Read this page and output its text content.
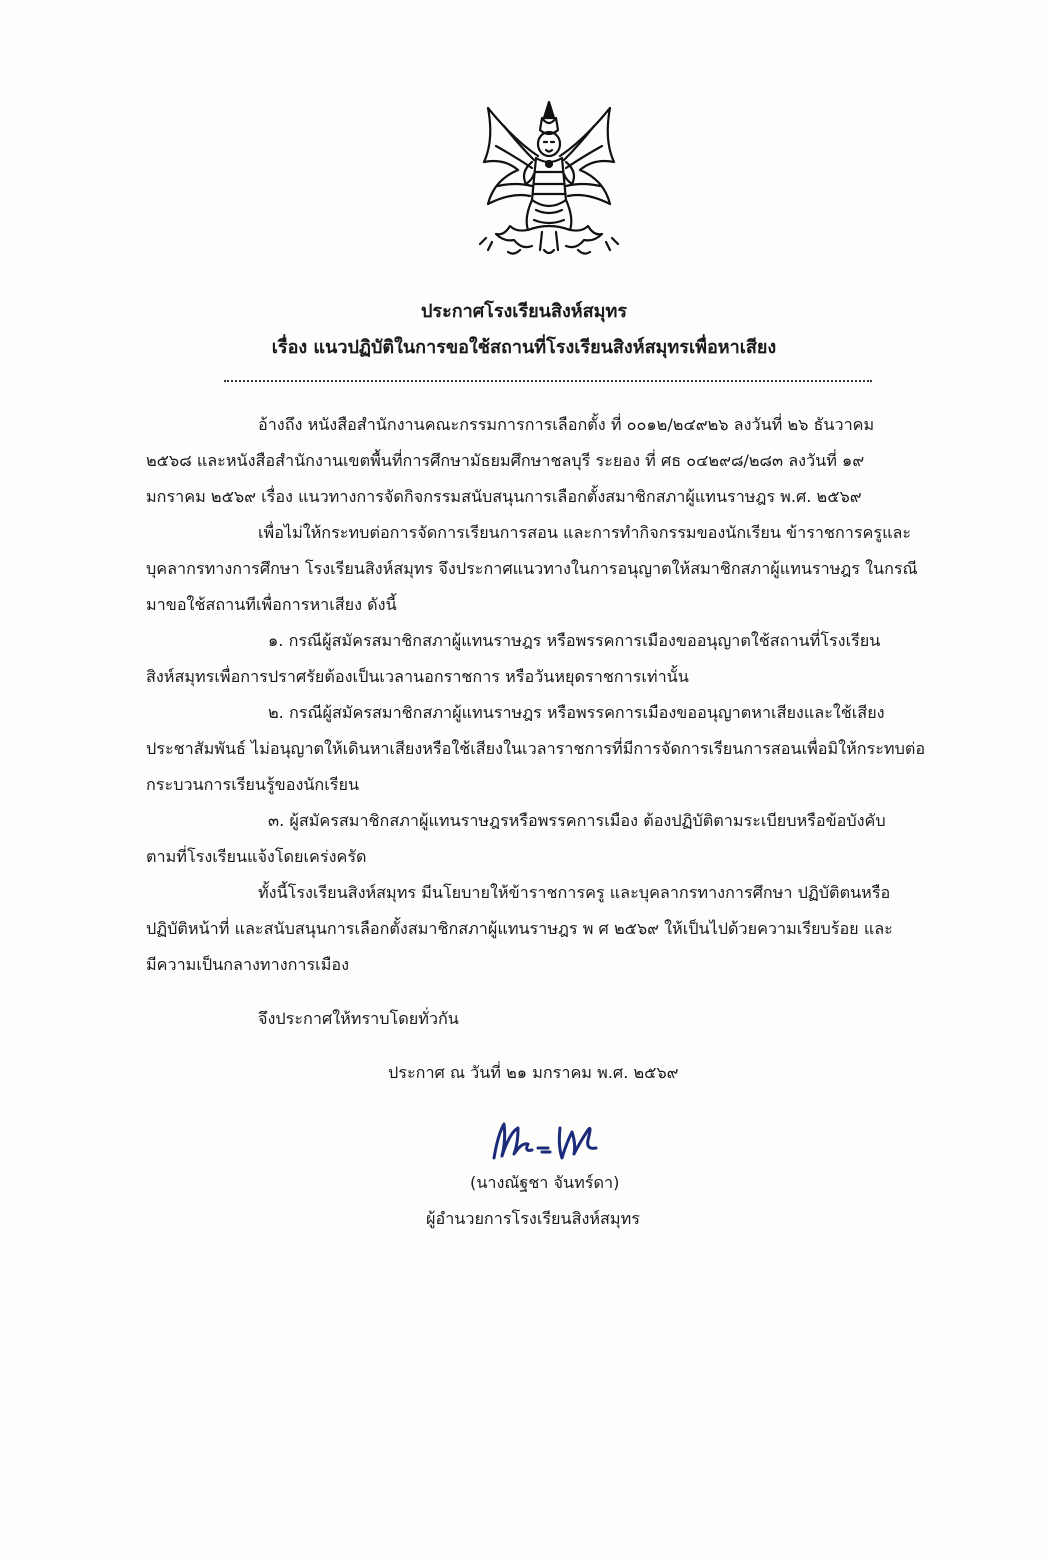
ประกาศโรงเรียนสิงห์สมุทร
เรื่อง แนวปฏิบัติในการขอใช้สถานที่โรงเรียนสิงห์สมุทรเพื่อหาเสียง
อ้างถึง หนังสือสำนักงานคณะกรรมการการเลือกตั้ง ที่ ๐๐๑๒/๒๔๙๒๖ ลงวันที่ ๒๖ ธันวาคม
๒๕๖๘ และหนังสือสำนักงานเขตพื้นที่การศึกษามัธยมศึกษาชลบุรี ระยอง ที่ ศธ ๐๔๒๙๘/๒๘๓ ลงวันที่ ๑๙
มกราคม ๒๕๖๙ เรื่อง แนวทางการจัดกิจกรรมสนับสนุนการเลือกตั้งสมาชิกสภาผู้แทนราษฎร พ.ศ. ๒๕๖๙
เพื่อไม่ให้กระทบต่อการจัดการเรียนการสอน และการทำกิจกรรมของนักเรียน ข้าราชการครูและ
บุคลากรทางการศึกษา โรงเรียนสิงห์สมุทร จึงประกาศแนวทางในการอนุญาตให้สมาชิกสภาผู้แทนราษฎร ในกรณี
มาขอใช้สถานทีเพื่อการหาเสียง ดังนี้
๑. กรณีผู้สมัครสมาชิกสภาผู้แทนราษฎร หรือพรรคการเมืองขออนุญาตใช้สถานที่โรงเรียน
สิงห์สมุทรเพื่อการปราศรัยต้องเป็นเวลานอกราชการ หรือวันหยุดราชการเท่านั้น
๒. กรณีผู้สมัครสมาชิกสภาผู้แทนราษฎร หรือพรรคการเมืองขออนุญาตหาเสียงและใช้เสียง
ประชาสัมพันธ์ ไม่อนุญาตให้เดินหาเสียงหรือใช้เสียงในเวลาราชการที่มีการจัดการเรียนการสอนเพื่อมิให้กระทบต่อ
กระบวนการเรียนรู้ของนักเรียน
๓. ผู้สมัครสมาชิกสภาผู้แทนราษฎรหรือพรรคการเมือง ต้องปฏิบัติตามระเบียบหรือข้อบังคับ
ตามที่โรงเรียนแจ้งโดยเคร่งครัด
ทั้งนี้โรงเรียนสิงห์สมุทร มีนโยบายให้ข้าราชการครู และบุคลากรทางการศึกษา ปฏิบัติตนหรือ
ปฏิบัติหน้าที่ และสนับสนุนการเลือกตั้งสมาชิกสภาผู้แทนราษฎร พ ศ ๒๕๖๙ ให้เป็นไปด้วยความเรียบร้อย และ
มีความเป็นกลางทางการเมือง
จึงประกาศให้ทราบโดยทั่วกัน
ประกาศ ณ วันที่ ๒๑ มกราคม พ.ศ. ๒๕๖๙
(นางณัฐชา จันทร์ดา)
ผู้อำนวยการโรงเรียนสิงห์สมุทร
